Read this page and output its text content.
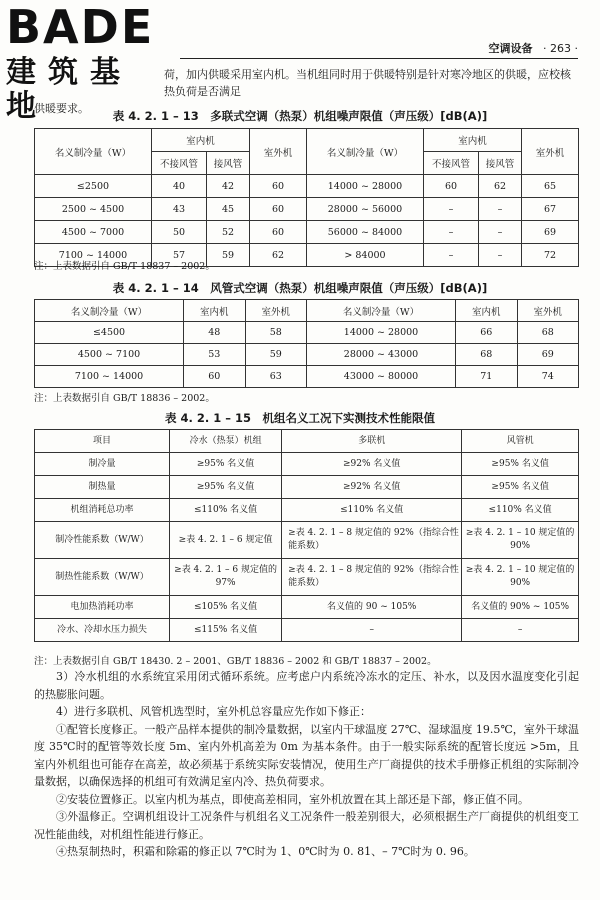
BADE
建筑基地
空调设备 · 263 ·
荷，加内供暖采用室内机。当机组同时用于供暖特别是针对寒冷地区的供暖，应校核热负荷是否满足
供暖要求。
表 4. 2. 1 – 13　多联式空调（热泵）机组噪声限值（声压级）[dB(A)]
名义制冷量（W）	室内机		室外机	名义制冷量（W）	室内机		室外机
	不接风管	接风管			不接风管	接风管	
≤2500	40	42	60	14000 ~ 28000	60	62	65
2500 ~ 4500	43	45	60	28000 ~ 56000	–	–	67
4500 ~ 7000	50	52	60	56000 ~ 84000	–	–	69
7100 ~ 14000	57	59	62	> 84000	–	–	72
注：上表数据引自 GB/T 18837 – 2002。
表 4. 2. 1 – 14　风管式空调（热泵）机组噪声限值（声压级）[dB(A)]
名义制冷量（W）	室内机	室外机	名义制冷量（W）	室内机	室外机
≤4500	48	58	14000 ~ 28000	66	68
4500 ~ 7100	53	59	28000 ~ 43000	68	69
7100 ~ 14000	60	63	43000 ~ 80000	71	74
注：上表数据引自 GB/T 18836 – 2002。
表 4. 2. 1 – 15　机组名义工况下实测技术性能限值
项目	冷水（热泵）机组	多联机	风管机
制冷量	≥95% 名义值	≥92% 名义值	≥95% 名义值
制热量	≥95% 名义值	≥92% 名义值	≥95% 名义值
机组消耗总功率	≤110% 名义值	≤110% 名义值	≤110% 名义值
制冷性能系数（W/W）	≥表 4. 2. 1 – 6 规定值	≥表 4. 2. 1 – 8 规定值的 92%（指综合性能系数）	≥表 4. 2. 1 – 10 规定值的 90%
制热性能系数（W/W）	≥表 4. 2. 1 – 6 规定值的 97%	≥表 4. 2. 1 – 8 规定值的 92%（指综合性能系数）	≥表 4. 2. 1 – 10 规定值的 90%
电加热消耗功率	≤105% 名义值	名义值的 90 ~ 105%	名义值的 90% ~ 105%
冷水、冷却水压力损失	≤115% 名义值	–	–
注：上表数据引自 GB/T 18430. 2 – 2001、GB/T 18836 – 2002 和 GB/T 18837 – 2002。

3）冷水机组的水系统宜采用闭式循环系统。应考虑户内系统冷冻水的定压、补水，以及因水温度变化引起的热膨胀问题。

4）进行多联机、风管机选型时，室外机总容量应先作如下修正：

①配管长度修正。一般产品样本提供的制冷量数据，以室内干球温度 27℃、湿球温度 19.5℃，室外干球温度 35℃时的配管等效长度 5m、室内外机高差为 0m 为基本条件。由于一般实际系统的配管长度远 >5m，且室内外机组也可能存在高差，故必须基于系统实际安装情况，使用生产厂商提供的技术手册修正机组的实际制冷量数据，以确保选择的机组可有效满足室内冷、热负荷要求。

②安装位置修正。以室内机为基点，即使高差相同，室外机放置在其上部还是下部，修正值不同。

③外温修正。空调机组设计工况条件与机组名义工况条件一般差别很大，必须根据生产厂商提供的机组变工况性能曲线，对机组性能进行修正。

④热泵制热时，积霜和除霜的修正以 7℃时为 1、0℃时为 0. 81、– 7℃时为 0. 96。
